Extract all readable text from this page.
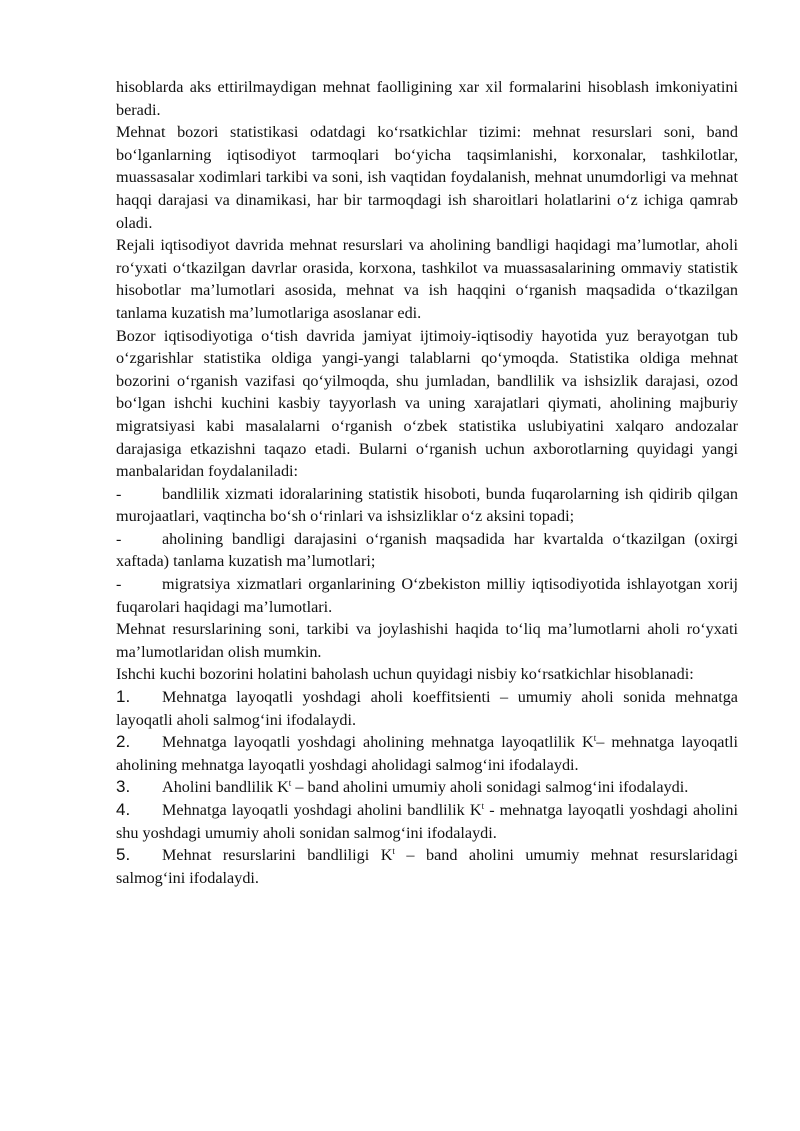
hisoblarda aks ettirilmaydigan mehnat faolligining xar xil formalarini hisoblash imkoniyatini beradi.

Mehnat bozori statistikasi odatdagi ko‘rsatkichlar tizimi: mehnat resurslari soni, band bo‘lganlarning iqtisodiyot tarmoqlari bo‘yicha taqsimlanishi, korxonalar, tashkilotlar, muassasalar xodimlari tarkibi va soni, ish vaqtidan foydalanish, mehnat unumdorligi va mehnat haqqi darajasi va dinamikasi, har bir tarmoqdagi ish sharoitlari holatlarini o‘z ichiga qamrab oladi.

Rejali iqtisodiyot davrida mehnat resurslari va aholining bandligi haqidagi ma’lumotlar, aholi ro‘yxati o‘tkazilgan davrlar orasida, korxona, tashkilot va muassasalarining ommaviy statistik hisobotlar ma’lumotlari asosida, mehnat va ish haqqini o‘rganish maqsadida o‘tkazilgan tanlama kuzatish ma’lumotlariga asoslanar edi.

Bozor iqtisodiyotiga o‘tish davrida jamiyat ijtimoiy-iqtisodiy hayotida yuz berayotgan tub o‘zgarishlar statistika oldiga yangi-yangi talablarni qo‘ymoqda. Statistika oldiga mehnat bozorini o‘rganish vazifasi qo‘yilmoqda, shu jumladan, bandlilik va ishsizlik darajasi, ozod bo‘lgan ishchi kuchini kasbiy tayyorlash va uning xarajatlari qiymati, aholining majburiy migratsiyasi kabi masalalarni o‘rganish o‘zbek statistika uslubiyatini xalqaro andozalar darajasiga etkazishni taqazo etadi. Bularni o‘rganish uchun axborotlarning quyidagi yangi manbalaridan foydalaniladi:

-	bandlilik xizmati idoralarining statistik hisoboti, bunda fuqarolarning ish qidirib qilgan murojaatlari, vaqtincha bo‘sh o‘rinlari va ishsizliklar o‘z aksini topadi;

-	aholining bandligi darajasini o‘rganish maqsadida har kvartalda o‘tkazilgan (oxirgi xaftada) tanlama kuzatish ma’lumotlari;

-	migratsiya xizmatlari organlarining O‘zbekiston milliy iqtisodiyotida ishlayotgan xorij fuqarolari haqidagi ma’lumotlari.

Mehnat resurslarining soni, tarkibi va joylashishi haqida to‘liq ma’lumotlarni aholi ro‘yxati ma’lumotlaridan olish mumkin.

Ishchi kuchi bozorini holatini baholash uchun quyidagi nisbiy ko‘rsatkichlar hisoblanadi:

1. Mehnatga layoqatli yoshdagi aholi koeffitsienti – umumiy aholi sonida mehnatga layoqatli aholi salmog‘ini ifodalaydi.

2. Mehnatga layoqatli yoshdagi aholining mehnatga layoqatlilik $K^t-$ mehnatga layoqatli aholining mehnatga layoqatli yoshdagi aholidagi salmog‘ini ifodalaydi.

3. Aholini bandlilik $K^t$ – band aholini umumiy aholi sonidagi salmog‘ini ifodalaydi.

4. Mehnatga layoqatli yoshdagi aholini bandlilik $K^t$ - mehnatga layoqatli yoshdagi aholini shu yoshdagi umumiy aholi sonidan salmog‘ini ifodalaydi.

5. Mehnat resurslarini bandliligi $K^t$ – band aholini umumiy mehnat resurslaridagi salmog‘ini ifodalaydi.
